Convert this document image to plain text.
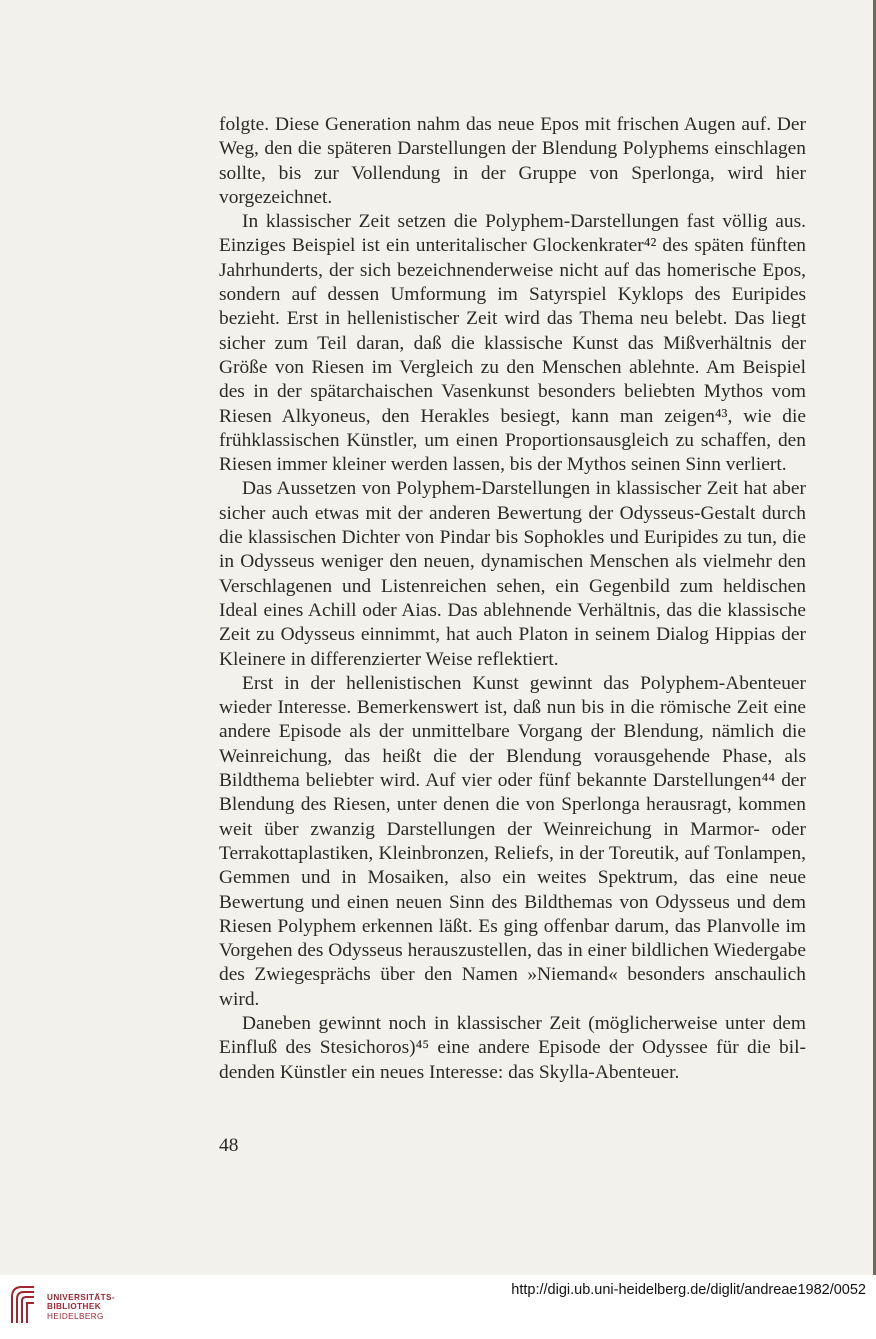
folgte. Diese Generation nahm das neue Epos mit frischen Augen auf. Der Weg, den die späteren Darstellungen der Blendung Polyphems einschlagen sollte, bis zur Vollendung in der Gruppe von Sperlonga, wird hier vorgezeichnet.

In klassischer Zeit setzen die Polyphem-Darstellungen fast völlig aus. Einziges Beispiel ist ein unteritalischer Glockenkrater⁴² des späten fünften Jahrhunderts, der sich bezeichnenderweise nicht auf das homerische Epos, sondern auf dessen Umformung im Satyrspiel Kyklops des Euripides bezieht. Erst in hellenistischer Zeit wird das Thema neu belebt. Das liegt sicher zum Teil daran, daß die klassische Kunst das Mißverhältnis der Größe von Riesen im Vergleich zu den Menschen ablehnte. Am Beispiel des in der spätarchaischen Vasenkunst besonders beliebten Mythos vom Riesen Alkyoneus, den Herakles besiegt, kann man zeigen⁴³, wie die frühklassischen Künstler, um einen Proportionsausgleich zu schaffen, den Riesen immer kleiner werden lassen, bis der Mythos seinen Sinn verliert.

Das Aussetzen von Polyphem-Darstellungen in klassischer Zeit hat aber sicher auch etwas mit der anderen Bewertung der Odysseus-Gestalt durch die klassischen Dichter von Pindar bis Sophokles und Euripides zu tun, die in Odysseus weniger den neuen, dynamischen Menschen als vielmehr den Verschlagenen und Listenreichen sehen, ein Gegenbild zum heldischen Ideal eines Achill oder Aias. Das ablehnende Verhältnis, das die klassische Zeit zu Odysseus einnimmt, hat auch Platon in seinem Dialog Hippias der Kleinere in differenzierter Weise reflektiert.

Erst in der hellenistischen Kunst gewinnt das Polyphem-Abenteuer wieder Interesse. Bemerkenswert ist, daß nun bis in die römische Zeit eine andere Episode als der unmittelbare Vorgang der Blendung, nämlich die Weinreichung, das heißt die der Blendung vorausgehende Phase, als Bildthema beliebter wird. Auf vier oder fünf bekannte Darstellungen⁴⁴ der Blendung des Riesen, unter denen die von Sperlonga herausragt, kommen weit über zwanzig Darstellungen der Weinreichung in Marmor- oder Terrakottaplastiken, Kleinbronzen, Reliefs, in der Toreutik, auf Tonlampen, Gemmen und in Mosaiken, also ein weites Spektrum, das eine neue Bewertung und einen neuen Sinn des Bildthemas von Odysseus und dem Riesen Polyphem erkennen läßt. Es ging offenbar darum, das Planvolle im Vorgehen des Odysseus herauszustellen, das in einer bildlichen Wiedergabe des Zwiegesprächs über den Namen »Niemand« besonders anschaulich wird.

Daneben gewinnt noch in klassischer Zeit (möglicherweise unter dem Einfluß des Stesichoros)⁴⁵ eine andere Episode der Odyssee für die bildenden Künstler ein neues Interesse: das Skylla-Abenteuer.

48
UNIVERSITÄTS-
BIBLIOTHEK
HEIDELBERG
http://digi.ub.uni-heidelberg.de/diglit/andreae1982/0052
